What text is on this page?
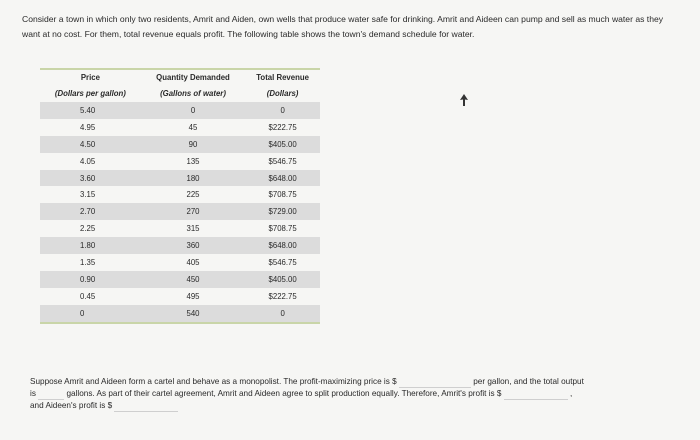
Consider a town in which only two residents, Amrit and Aiden, own wells that produce water safe for drinking. Amrit and Aideen can pump and sell as much water as they want at no cost. For them, total revenue equals profit. The following table shows the town's demand schedule for water.
Price	Quantity Demanded	Total Revenue
(Dollars per gallon)	(Gallons of water)	(Dollars)
5.40	0	0
4.95	45	$222.75
4.50	90	$405.00
4.05	135	$546.75
3.60	180	$648.00
3.15	225	$708.75
2.70	270	$729.00
2.25	315	$708.75
1.80	360	$648.00
1.35	405	$546.75
0.90	450	$405.00
0.45	495	$222.75
0	540	0
Suppose Amrit and Aideen form a cartel and behave as a monopolist. The profit-maximizing price is $	per gallon, and the total output
is	gallons. As part of their cartel agreement, Amrit and Aideen agree to split production equally. Therefore, Amrit's profit is $	,
and Aideen's profit is $
